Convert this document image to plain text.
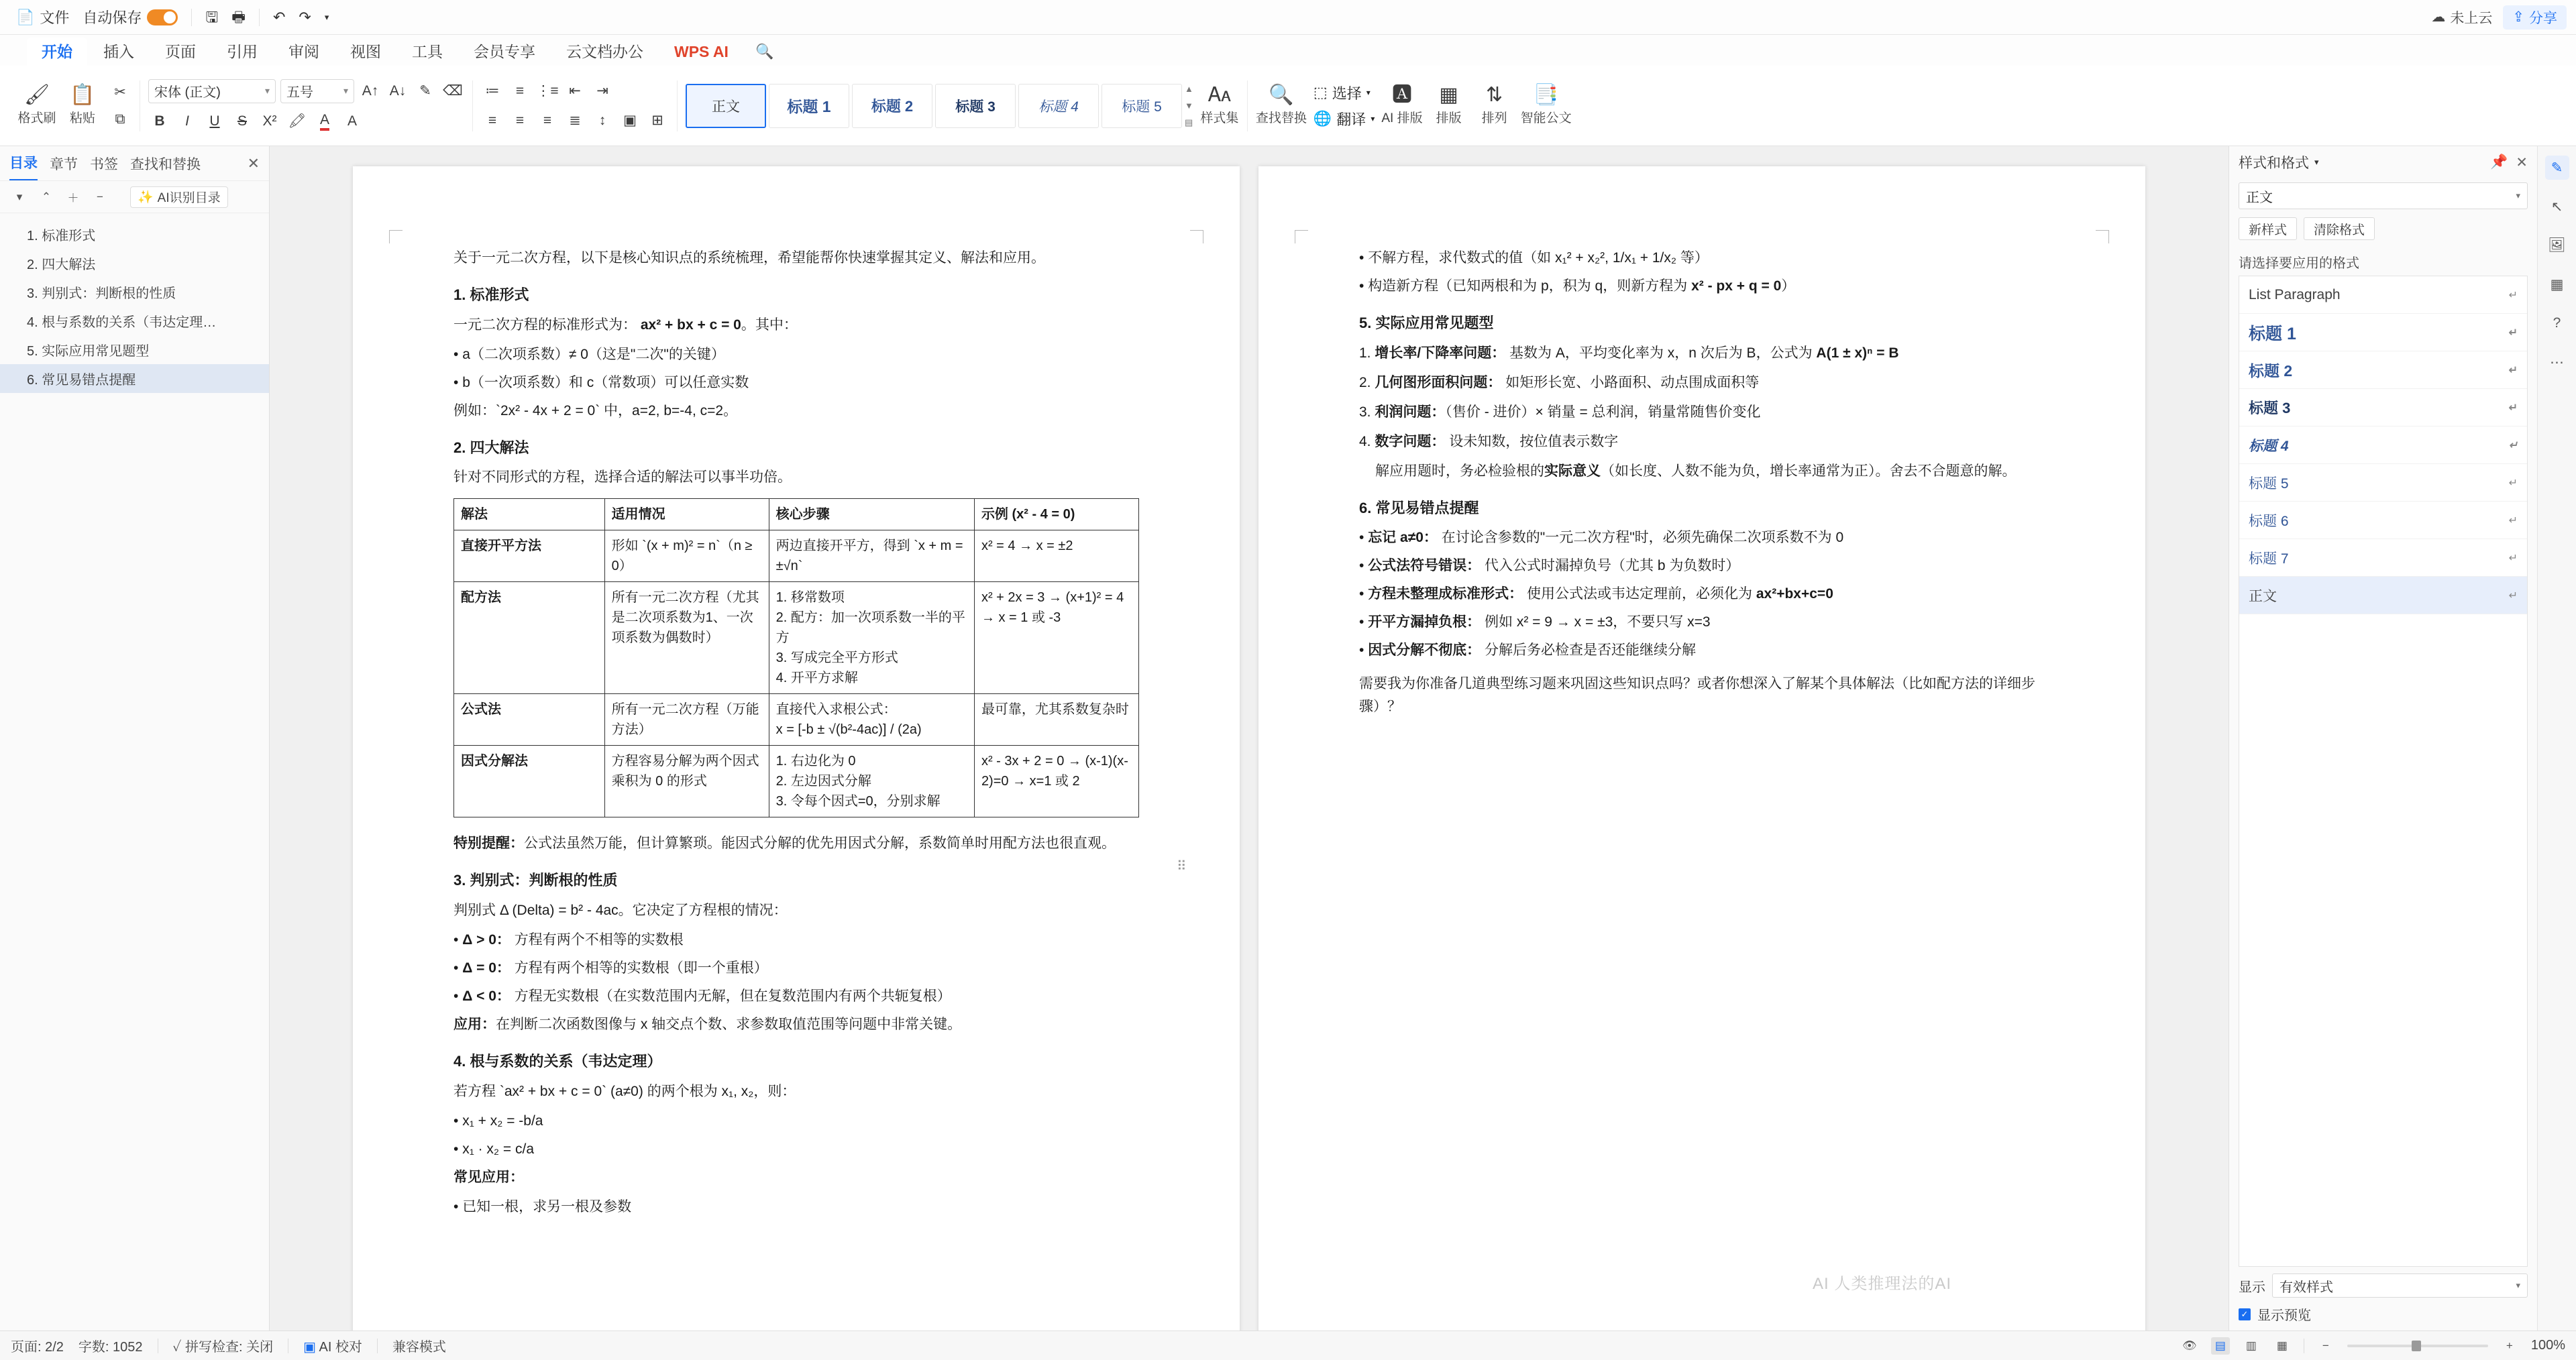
📄 文件 自动保存	🖫 🖶 ↶ ↷ ▾	☁ 未上云 ⇪ 分享
开始	插入	页面	引用	审阅	视图	工具	会员专享	云文档办公	WPS AI	🔍
🖌
格式刷
📋
粘贴
✂
⧉
宋体 (正文)	▾ 五号	▾ A↑ A↓ ✎ ⌫
B I U S X² 🖍 A A
≔ ≡ ⋮≡ ⇤ ⇥
≡ ≡ ≡ ≣ ↕ ▣ ⊞
正文	标题 1	标题 2	标题 3	标题 4	标题 5
▲
▼
▤
🗛
样式集
🔍
查找替换
⬚ 选择 ▾
🌐 翻译 ▾
🅰
AI 排版
▦
排版
⇅
排列
📑
智能公文
目录 章节 书签 查找和替换	✕
▾	⌃	＋	−	✨ AI识别目录
1. 标准形式
2. 四大解法
3. 判别式：判断根的性质
4. 根与系数的关系（韦达定理…
5. 实际应用常见题型
6. 常见易错点提醒

关于一元二次方程，以下是核心知识点的系统梳理，希望能帮你快速掌握其定义、解法和应用。

1. 标准形式

一元二次方程的标准形式为： ax² + bx + c = 0。其中：

• a（二次项系数）≠ 0（这是"二次"的关键）

• b（一次项系数）和 c（常数项）可以任意实数

例如：`2x² - 4x + 2 = 0` 中，a=2, b=-4, c=2。

2. 四大解法

针对不同形式的方程，选择合适的解法可以事半功倍。

解法	适用情况	核心步骤	示例 (x² - 4 = 0)
直接开平方法	形如 `(x + m)² = n`（n ≥ 0）	两边直接开平方，得到 `x + m = ±√n`	x² = 4 → x = ±2
配方法	所有一元二次方程（尤其是二次项系数为1、一次项系数为偶数时）	1. 移常数项
2. 配方：加一次项系数一半的平方
3. 写成完全平方形式
4. 开平方求解	x² + 2x = 3 → (x+1)² = 4 → x = 1 或 -3
公式法	所有一元二次方程（万能方法）	直接代入求根公式：
x = [-b ± √(b²-4ac)] / (2a)	最可靠，尤其系数复杂时
因式分解法	方程容易分解为两个因式乘积为 0 的形式	1. 右边化为 0
2. 左边因式分解
3. 令每个因式=0，分别求解	x² - 3x + 2 = 0 → (x-1)(x-2)=0 → x=1 或 2

特别提醒：公式法虽然万能，但计算繁琐。能因式分解的优先用因式分解，系数简单时用配方法也很直观。

3. 判别式：判断根的性质

判别式 Δ (Delta) = b² - 4ac。它决定了方程根的情况：

• Δ > 0： 方程有两个不相等的实数根

• Δ = 0： 方程有两个相等的实数根（即一个重根）

• Δ < 0： 方程无实数根（在实数范围内无解，但在复数范围内有两个共轭复根）

应用：在判断二次函数图像与 x 轴交点个数、求参数取值范围等问题中非常关键。

4. 根与系数的关系（韦达定理）

若方程 `ax² + bx + c = 0` (a≠0) 的两个根为 x₁, x₂，则：

• x₁ + x₂ = -b/a

• x₁ · x₂ = c/a

常见应用：

• 已知一根，求另一根及参数

• 不解方程，求代数式的值（如 x₁² + x₂², 1/x₁ + 1/x₂ 等）

• 构造新方程（已知两根和为 p，积为 q，则新方程为 x² - px + q = 0）

5. 实际应用常见题型

1. 增长率/下降率问题： 基数为 A，平均变化率为 x，n 次后为 B，公式为 A(1 ± x)ⁿ = B

2. 几何图形面积问题： 如矩形长宽、小路面积、动点围成面积等

3. 利润问题：（售价 - 进价）× 销量 = 总利润，销量常随售价变化

4. 数字问题： 设未知数，按位值表示数字

解应用题时，务必检验根的实际意义（如长度、人数不能为负，增长率通常为正）。舍去不合题意的解。

6. 常见易错点提醒

• 忘记 a≠0： 在讨论含参数的"一元二次方程"时，必须先确保二次项系数不为 0

• 公式法符号错误： 代入公式时漏掉负号（尤其 b 为负数时）

• 方程未整理成标准形式： 使用公式法或韦达定理前，必须化为 ax²+bx+c=0

• 开平方漏掉负根： 例如 x² = 9 → x = ±3，不要只写 x=3

• 因式分解不彻底： 分解后务必检查是否还能继续分解

需要我为你准备几道典型练习题来巩固这些知识点吗？或者你想深入了解某个具体解法（比如配方法的详细步骤）？

⠿
AI 人类推理法的AI
样式和格式 ▾	📌 ✕
正文	▾
新样式	清除格式
请选择要应用的格式
List Paragraph	↵
标题 1	↵
标题 2	↵
标题 3	↵
标题 4	↵
标题 5	↵
标题 6	↵
标题 7	↵
正文	↵
显示 有效样式	▾
✓ 显示预览
✎
↖
🖼
▦
?
⋯
页面: 2/2 字数: 1052 ✓ 拼写检查: 关闭 ▣ AI 校对 兼容模式	👁	▤	▥	▦	−	+	100%
